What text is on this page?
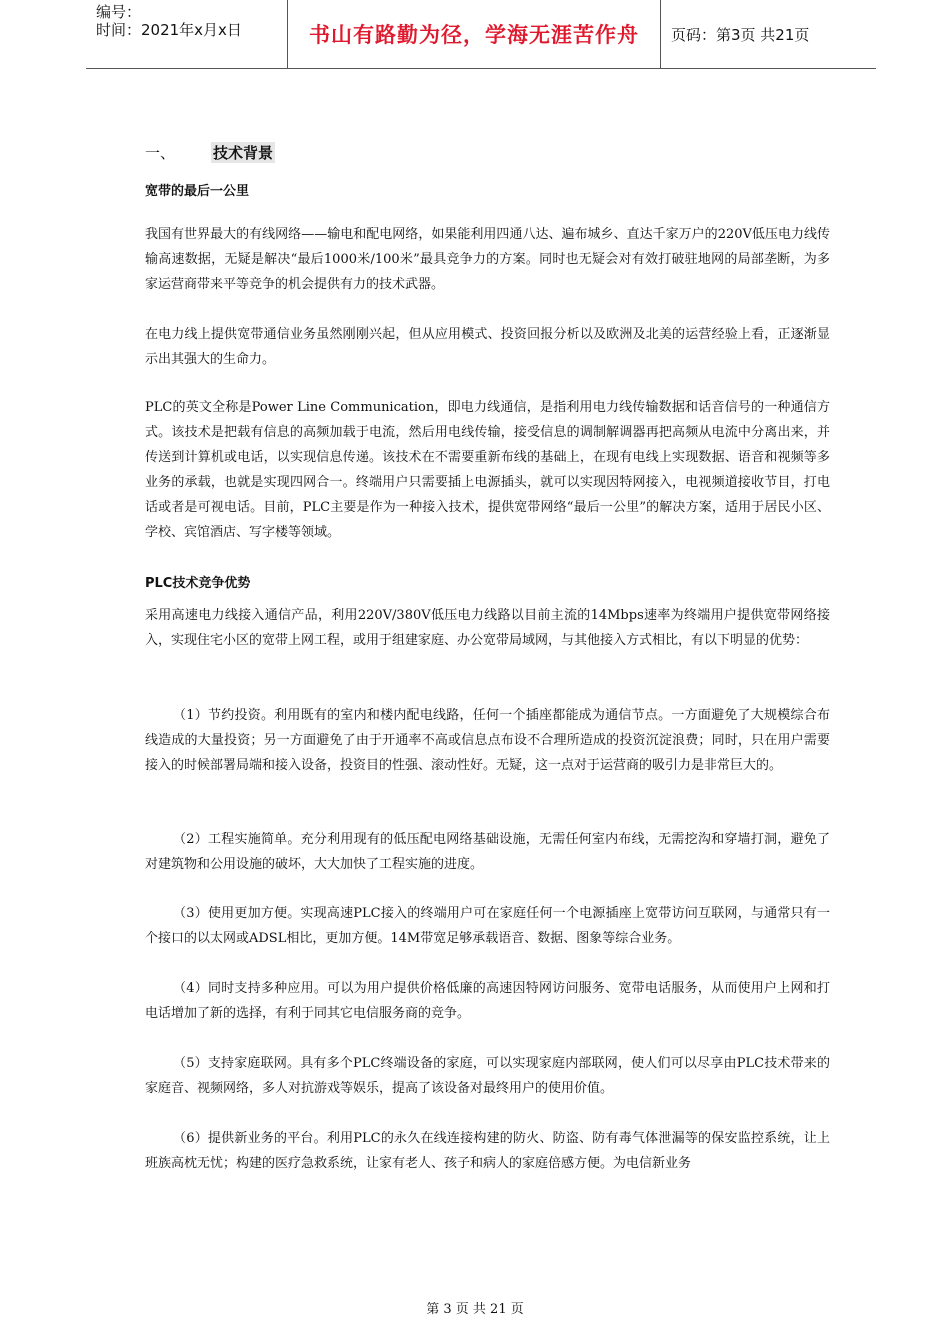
编号：
时间：2021年x月x日	书山有路勤为径，学海无涯苦作舟	页码：第3页 共21页
一、	技术背景
宽带的最后一公里
我国有世界最大的有线网络——输电和配电网络，如果能利用四通八达、遍布城乡、直达千家万户的220V低压电力线传输高速数据，无疑是解决“最后1000米/100米”最具竞争力的方案。同时也无疑会对有效打破驻地网的局部垄断，为多家运营商带来平等竞争的机会提供有力的技术武器。
在电力线上提供宽带通信业务虽然刚刚兴起，但从应用模式、投资回报分析以及欧洲及北美的运营经验上看，正逐渐显示出其强大的生命力。
PLC的英文全称是Power Line Communication，即电力线通信，是指利用电力线传输数据和话音信号的一种通信方式。该技术是把载有信息的高频加载于电流，然后用电线传输，接受信息的调制解调器再把高频从电流中分离出来，并传送到计算机或电话，以实现信息传递。该技术在不需要重新布线的基础上，在现有电线上实现数据、语音和视频等多业务的承载，也就是实现四网合一。终端用户只需要插上电源插头，就可以实现因特网接入，电视频道接收节目，打电话或者是可视电话。目前，PLC主要是作为一种接入技术，提供宽带网络“最后一公里”的解决方案，适用于居民小区、学校、宾馆酒店、写字楼等领域。
PLC技术竞争优势
采用高速电力线接入通信产品，利用220V/380V低压电力线路以目前主流的14Mbps速率为终端用户提供宽带网络接入，实现住宅小区的宽带上网工程，或用于组建家庭、办公宽带局域网，与其他接入方式相比，有以下明显的优势：
（1）节约投资。利用既有的室内和楼内配电线路，任何一个插座都能成为通信节点。一方面避免了大规模综合布线造成的大量投资；另一方面避免了由于开通率不高或信息点布设不合理所造成的投资沉淀浪费；同时，只在用户需要接入的时候部署局端和接入设备，投资目的性强、滚动性好。无疑，这一点对于运营商的吸引力是非常巨大的。
（2）工程实施简单。充分利用现有的低压配电网络基础设施，无需任何室内布线，无需挖沟和穿墙打洞，避免了对建筑物和公用设施的破坏，大大加快了工程实施的进度。
（3）使用更加方便。实现高速PLC接入的终端用户可在家庭任何一个电源插座上宽带访问互联网，与通常只有一个接口的以太网或ADSL相比，更加方便。14M带宽足够承载语音、数据、图象等综合业务。
（4）同时支持多种应用。可以为用户提供价格低廉的高速因特网访问服务、宽带电话服务，从而使用户上网和打电话增加了新的选择，有利于同其它电信服务商的竞争。
（5）支持家庭联网。具有多个PLC终端设备的家庭，可以实现家庭内部联网，使人们可以尽享由PLC技术带来的家庭音、视频网络，多人对抗游戏等娱乐，提高了该设备对最终用户的使用价值。
（6）提供新业务的平台。利用PLC的永久在线连接构建的防火、防盗、防有毒气体泄漏等的保安监控系统，让上班族高枕无忧；构建的医疗急救系统，让家有老人、孩子和病人的家庭倍感方便。为电信新业务
第 3 页 共 21 页
